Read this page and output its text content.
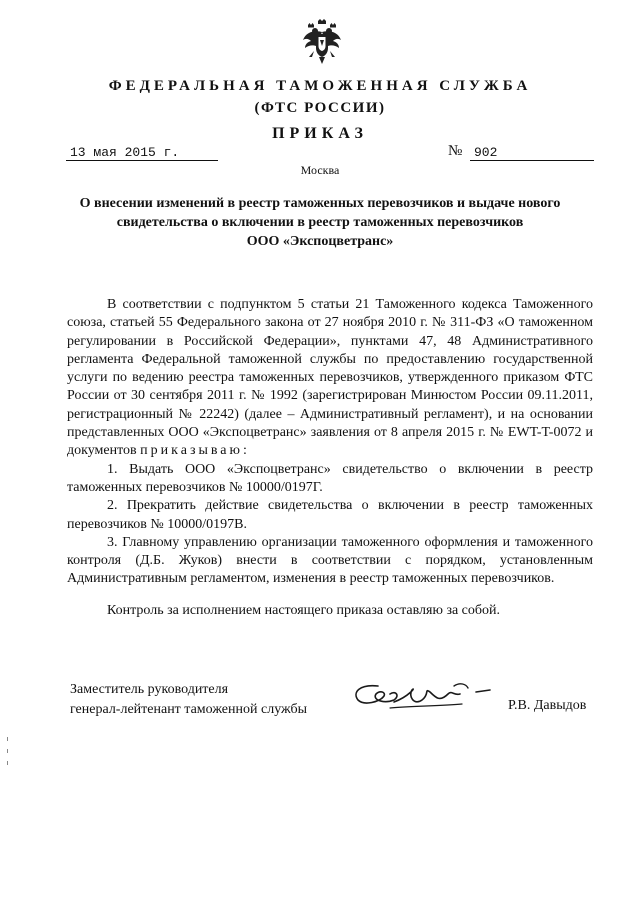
ФЕДЕРАЛЬНАЯ ТАМОЖЕННАЯ СЛУЖБА
(ФТС РОССИИ)
ПРИКАЗ
13 мая 2015 г.	№ 902
Москва
О внесении изменений в реестр таможенных перевозчиков и выдаче нового
свидетельства о включении в реестр таможенных перевозчиков
ООО «Экспоцветранс»

В соответствии с подпунктом 5 статьи 21 Таможенного кодекса Таможенного союза, статьей 55 Федерального закона от 27 ноября 2010 г. № 311-ФЗ «О таможенном регулировании в Российской Федерации», пунктами 47, 48 Административного регламента Федеральной таможенной службы по предоставлению государственной услуги по ведению реестра таможенных перевозчиков, утвержденного приказом ФТС России от 30 сентября 2011 г. № 1992 (зарегистрирован Минюстом России 09.11.2011, регистрационный № 22242) (далее – Административный регламент), и на основании представленных ООО «Экспоцветранс» заявления от 8 апреля 2015 г. № EWT-T-0072 и документов приказываю:

1. Выдать ООО «Экспоцветранс» свидетельство о включении в реестр таможенных перевозчиков № 10000/0197Г.

2. Прекратить действие свидетельства о включении в реестр таможенных перевозчиков № 10000/0197В.

3. Главному управлению организации таможенного оформления и таможенного контроля (Д.Б. Жуков) внести в соответствии с порядком, установленным Административным регламентом, изменения в реестр таможенных перевозчиков.

Контроль за исполнением настоящего приказа оставляю за собой.

Заместитель руководителя
генерал-лейтенант таможенной службы	Р.В. Давыдов
